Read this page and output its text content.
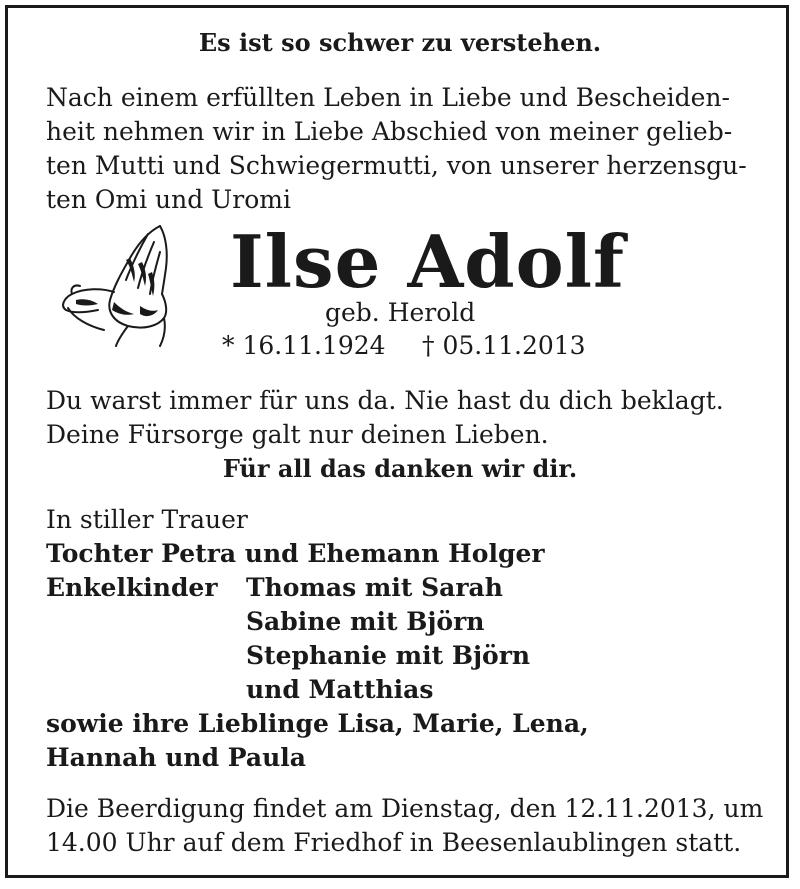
Es ist so schwer zu verstehen.
Nach einem erfüllten Leben in Liebe und Bescheiden-
heit nehmen wir in Liebe Abschied von meiner gelieb-
ten Mutti und Schwiegermutti, von unserer herzensgu-
ten Omi und Uromi
Ilse Adolf
geb. Herold
* 16.11.1924 † 05.11.2013
Du warst immer für uns da. Nie hast du dich beklagt.
Deine Fürsorge galt nur deinen Lieben.
Für all das danken wir dir.
In stiller Trauer
Tochter Petra und Ehemann Holger
Enkelkinder Thomas mit Sarah
Sabine mit Björn
Stephanie mit Björn
und Matthias
sowie ihre Lieblinge Lisa, Marie, Lena,
Hannah und Paula
Die Beerdigung findet am Dienstag, den 12.11.2013, um
14.00 Uhr auf dem Friedhof in Beesenlaublingen statt.
